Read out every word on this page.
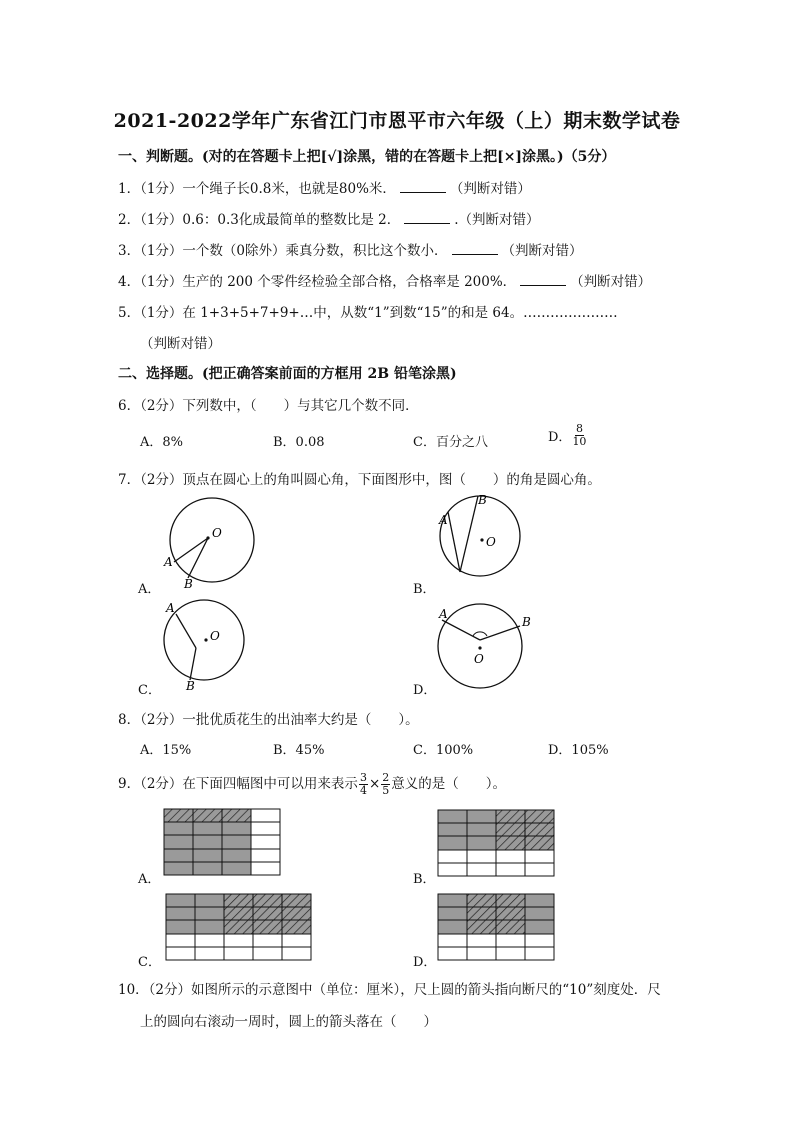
2021-2022学年广东省江门市恩平市六年级（上）期末数学试卷
一、判断题。(对的在答题卡上把[√]涂黑，错的在答题卡上把[×]涂黑。)（5分）
1．（1分）一个绳子长0.8米，也就是80%米．	（判断对错）
2．（1分）0.6：0.3化成最简单的整数比是 2．	.（判断对错）
3．（1分）一个数（0除外）乘真分数，积比这个数小．	（判断对错）
4．（1分）生产的 200 个零件经检验全部合格，合格率是 200%．	（判断对错）
5．（1分）在 1+3+5+7+9+…中，从数“1”到数“15”的和是 64。…………………
（判断对错）
二、选择题。(把正确答案前面的方框用 2B 铅笔涂黑)
6．（2分）下列数中，（　　）与其它几个数不同．
A．8%	B．0.08	C．百分之八	D． $\frac{8}{10}$
7．（2分）顶点在圆心上的角叫圆心角，下面图形中，图（　　）的角是圆心角。
O
A
B
O
A
B
O
A
B
O
A
B
A．	B．
C．	D．
8．（2分）一批优质花生的出油率大约是（　　）。
A．15%	B．45%	C．100%	D．105%
9．（2分）在下面四幅图中可以用来表示 $\frac{3}{4} \times \frac{2}{5}$ 意义的是（　　）。
A．	B．
C．	D．
10．（2分）如图所示的示意图中（单位：厘米），尺上圆的箭头指向断尺的“10”刻度处．尺
上的圆向右滚动一周时，圆上的箭头落在（　　）
